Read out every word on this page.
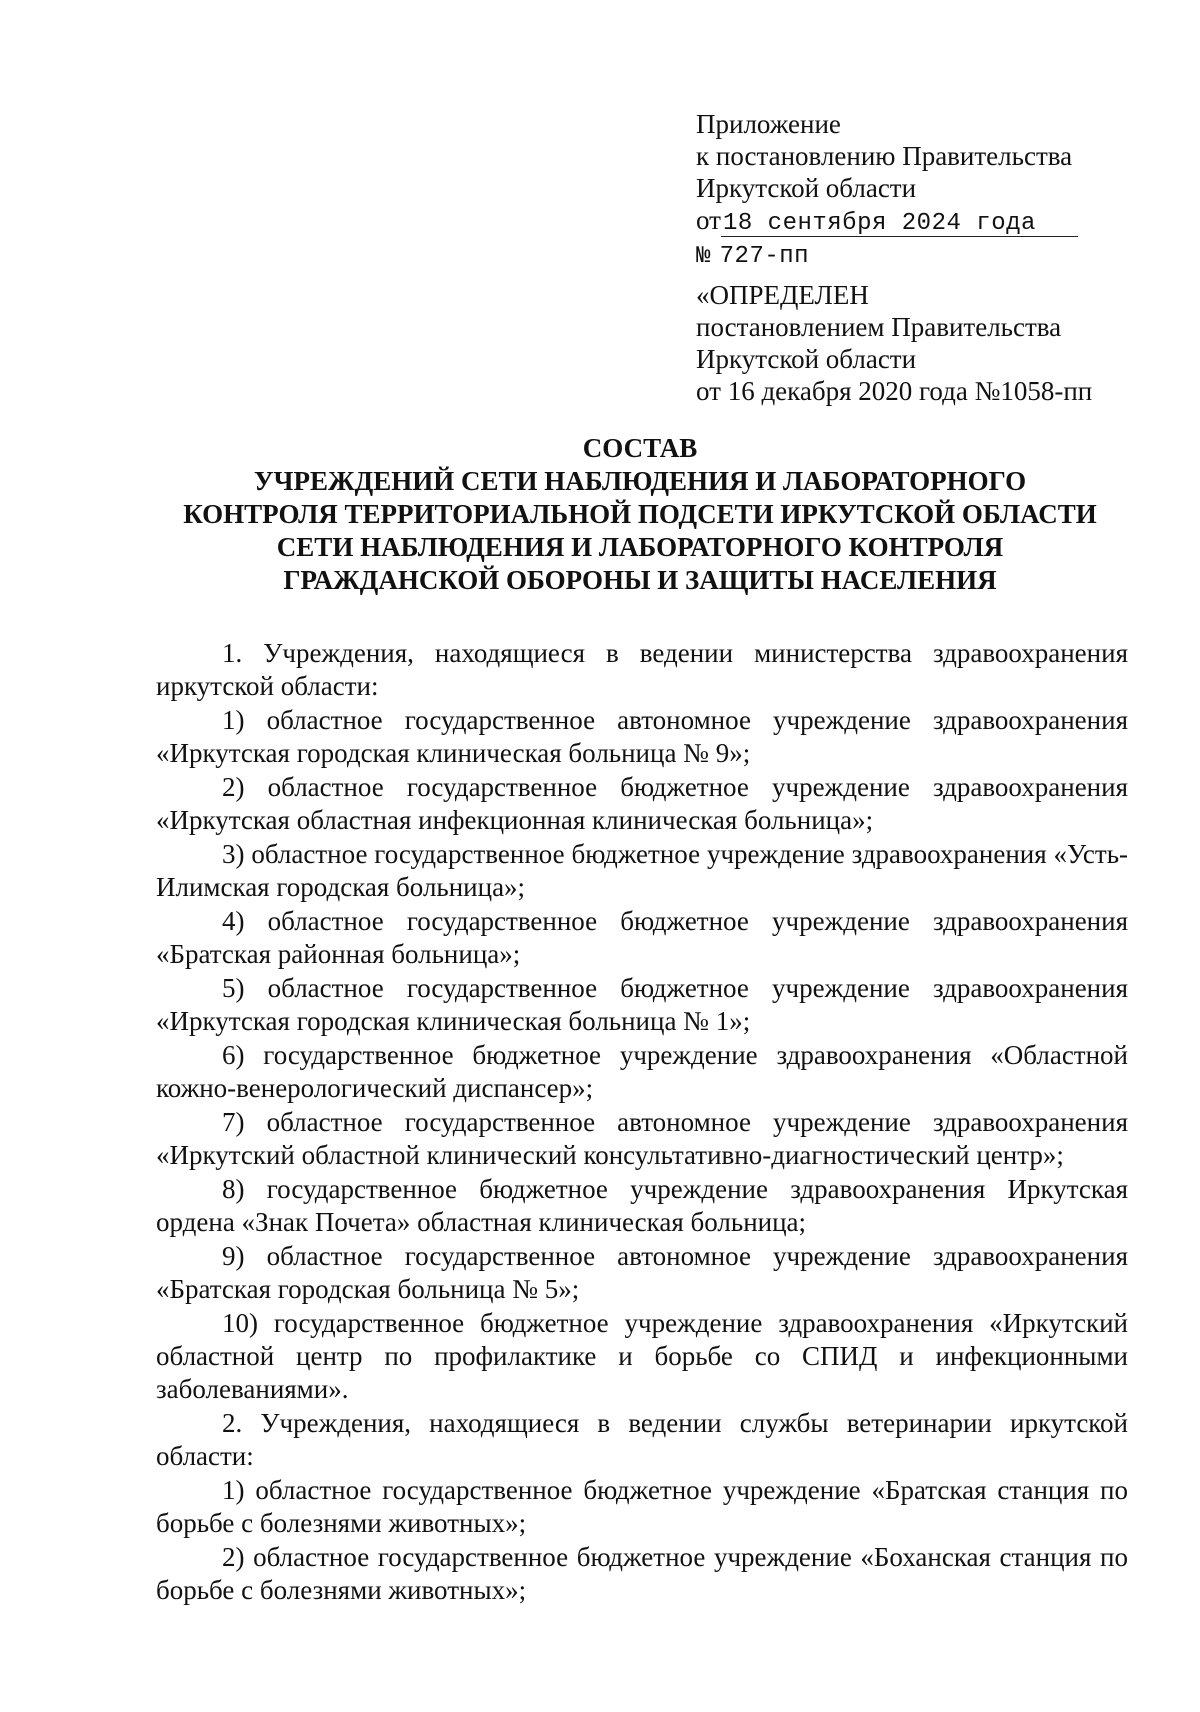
Приложение
к постановлению Правительства
Иркутской области
от18 сентября 2024 года
№ 727-пп
«ОПРЕДЕЛЕН
постановлением Правительства
Иркутской области
от 16 декабря 2020 года №1058-пп
СОСТАВ
УЧРЕЖДЕНИЙ СЕТИ НАБЛЮДЕНИЯ И ЛАБОРАТОРНОГО
КОНТРОЛЯ ТЕРРИТОРИАЛЬНОЙ ПОДСЕТИ ИРКУТСКОЙ ОБЛАСТИ
СЕТИ НАБЛЮДЕНИЯ И ЛАБОРАТОРНОГО КОНТРОЛЯ
ГРАЖДАНСКОЙ ОБОРОНЫ И ЗАЩИТЫ НАСЕЛЕНИЯ

1. Учреждения, находящиеся в ведении министерства здравоохранения иркутской области:

1) областное государственное автономное учреждение здравоохранения «Иркутская городская клиническая больница № 9»;

2) областное государственное бюджетное учреждение здравоохранения «Иркутская областная инфекционная клиническая больница»;

3) областное государственное бюджетное учреждение здравоохранения «Усть-Илимская городская больница»;

4) областное государственное бюджетное учреждение здравоохранения «Братская районная больница»;

5) областное государственное бюджетное учреждение здравоохранения «Иркутская городская клиническая больница № 1»;

6) государственное бюджетное учреждение здравоохранения «Областной кожно-венерологический диспансер»;

7) областное государственное автономное учреждение здравоохранения «Иркутский областной клинический консультативно-диагностический центр»;

8) государственное бюджетное учреждение здравоохранения Иркутская ордена «Знак Почета» областная клиническая больница;

9) областное государственное автономное учреждение здравоохранения «Братская городская больница № 5»;

10) государственное бюджетное учреждение здравоохранения «Иркутский областной центр по профилактике и борьбе со СПИД и инфекционными заболеваниями».

2. Учреждения, находящиеся в ведении службы ветеринарии иркутской области:

1) областное государственное бюджетное учреждение «Братская станция по борьбе с болезнями животных»;

2) областное государственное бюджетное учреждение «Боханская станция по борьбе с болезнями животных»;
